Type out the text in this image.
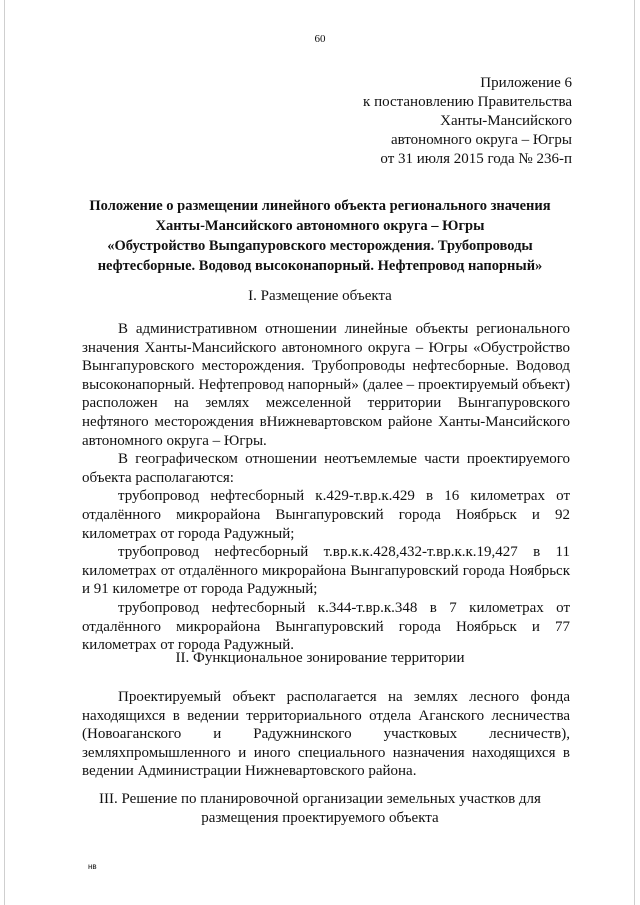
60
Приложение 6
к постановлению Правительства
Ханты-Мансийского
автономного округа – Югры
от 31 июля 2015 года № 236-п
Положение о размещении линейного объекта регионального значения
Ханты-Мансийского автономного округа – Югры
«Обустройство Выngапуровского месторождения. Трубопроводы
нефтесборные. Водовод высоконапорный. Нефтепровод напорный»
I. Размещение объекта

В административном отношении линейные объекты регионального значения Ханты-Мансийского автономного округа – Югры «Обустройство Вынгапуровского месторождения. Трубопроводы нефтесборные. Водовод высоконапорный. Нефтепровод напорный» (далее – проектируемый объект) расположен на землях межселенной территории Вынгапуровского нефтяного месторождения вНижневартовском районе Ханты-Мансийского автономного округа – Югры.

В географическом отношении неотъемлемые части проектируемого объекта располагаются:

трубопровод нефтесборный к.429-т.вр.к.429 в 16 километрах от отдалённого микрорайона Вынгапуровский города Ноябрьск и 92 километрах от города Радужный;

трубопровод нефтесборный т.вр.к.к.428,432-т.вр.к.к.19,427 в 11 километрах от отдалённого микрорайона Вынгапуровский города Ноябрьск и 91 километре от города Радужный;

трубопровод нефтесборный к.344-т.вр.к.348 в 7 километрах от отдалённого микрорайона Вынгапуровский города Ноябрьск и 77 километрах от города Радужный.

II. Функциональное зонирование территории

Проектируемый объект располагается на землях лесного фонда находящихся в ведении территориального отдела Аганского лесничества (Новоаганского и Радужнинского участковых лесничеств), земляхпромышленного и иного специального назначения находящихся в ведении Администрации Нижневартовского района.

III. Решение по планировочной организации земельных участков для
размещения проектируемого объекта
нв
